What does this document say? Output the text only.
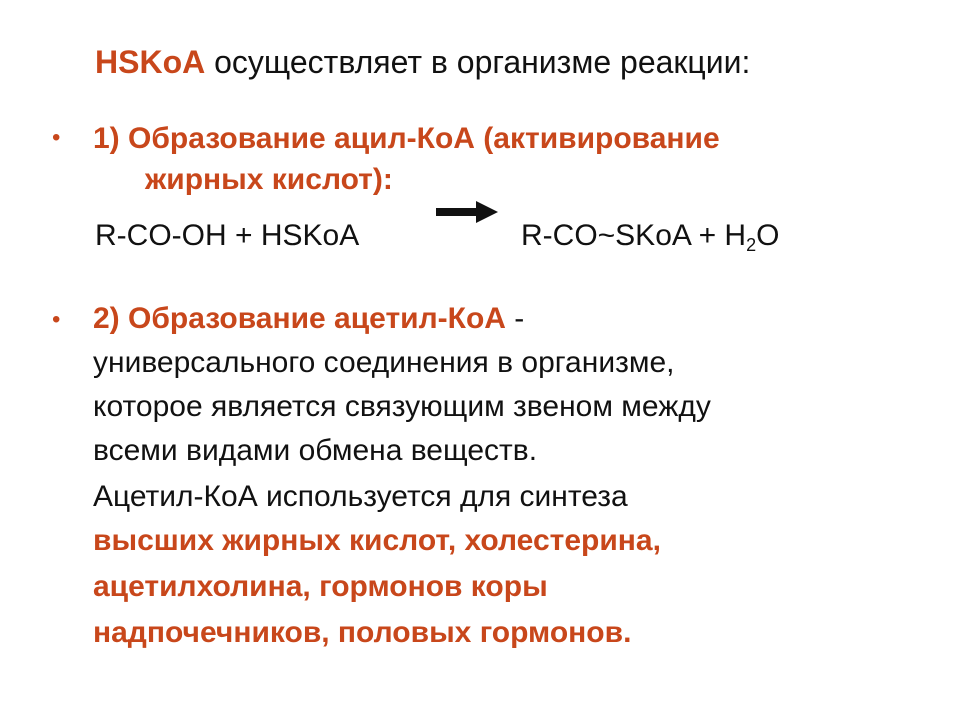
HSKoA осуществляет в организме реакции:
• 1) Образование ацил-КоА (активирование
жирных кислот):
R-CO-OH + HSKoA	R-CO~SKoA + $H_2O$
• 2) Образование ацетил-КоА -
универсального соединения в организме,
которое является связующим звеном между
всеми видами обмена веществ.
Ацетил-КоА используется для синтеза
высших жирных кислот, холестерина,
ацетилхолина, гормонов коры
надпочечников, половых гормонов.
